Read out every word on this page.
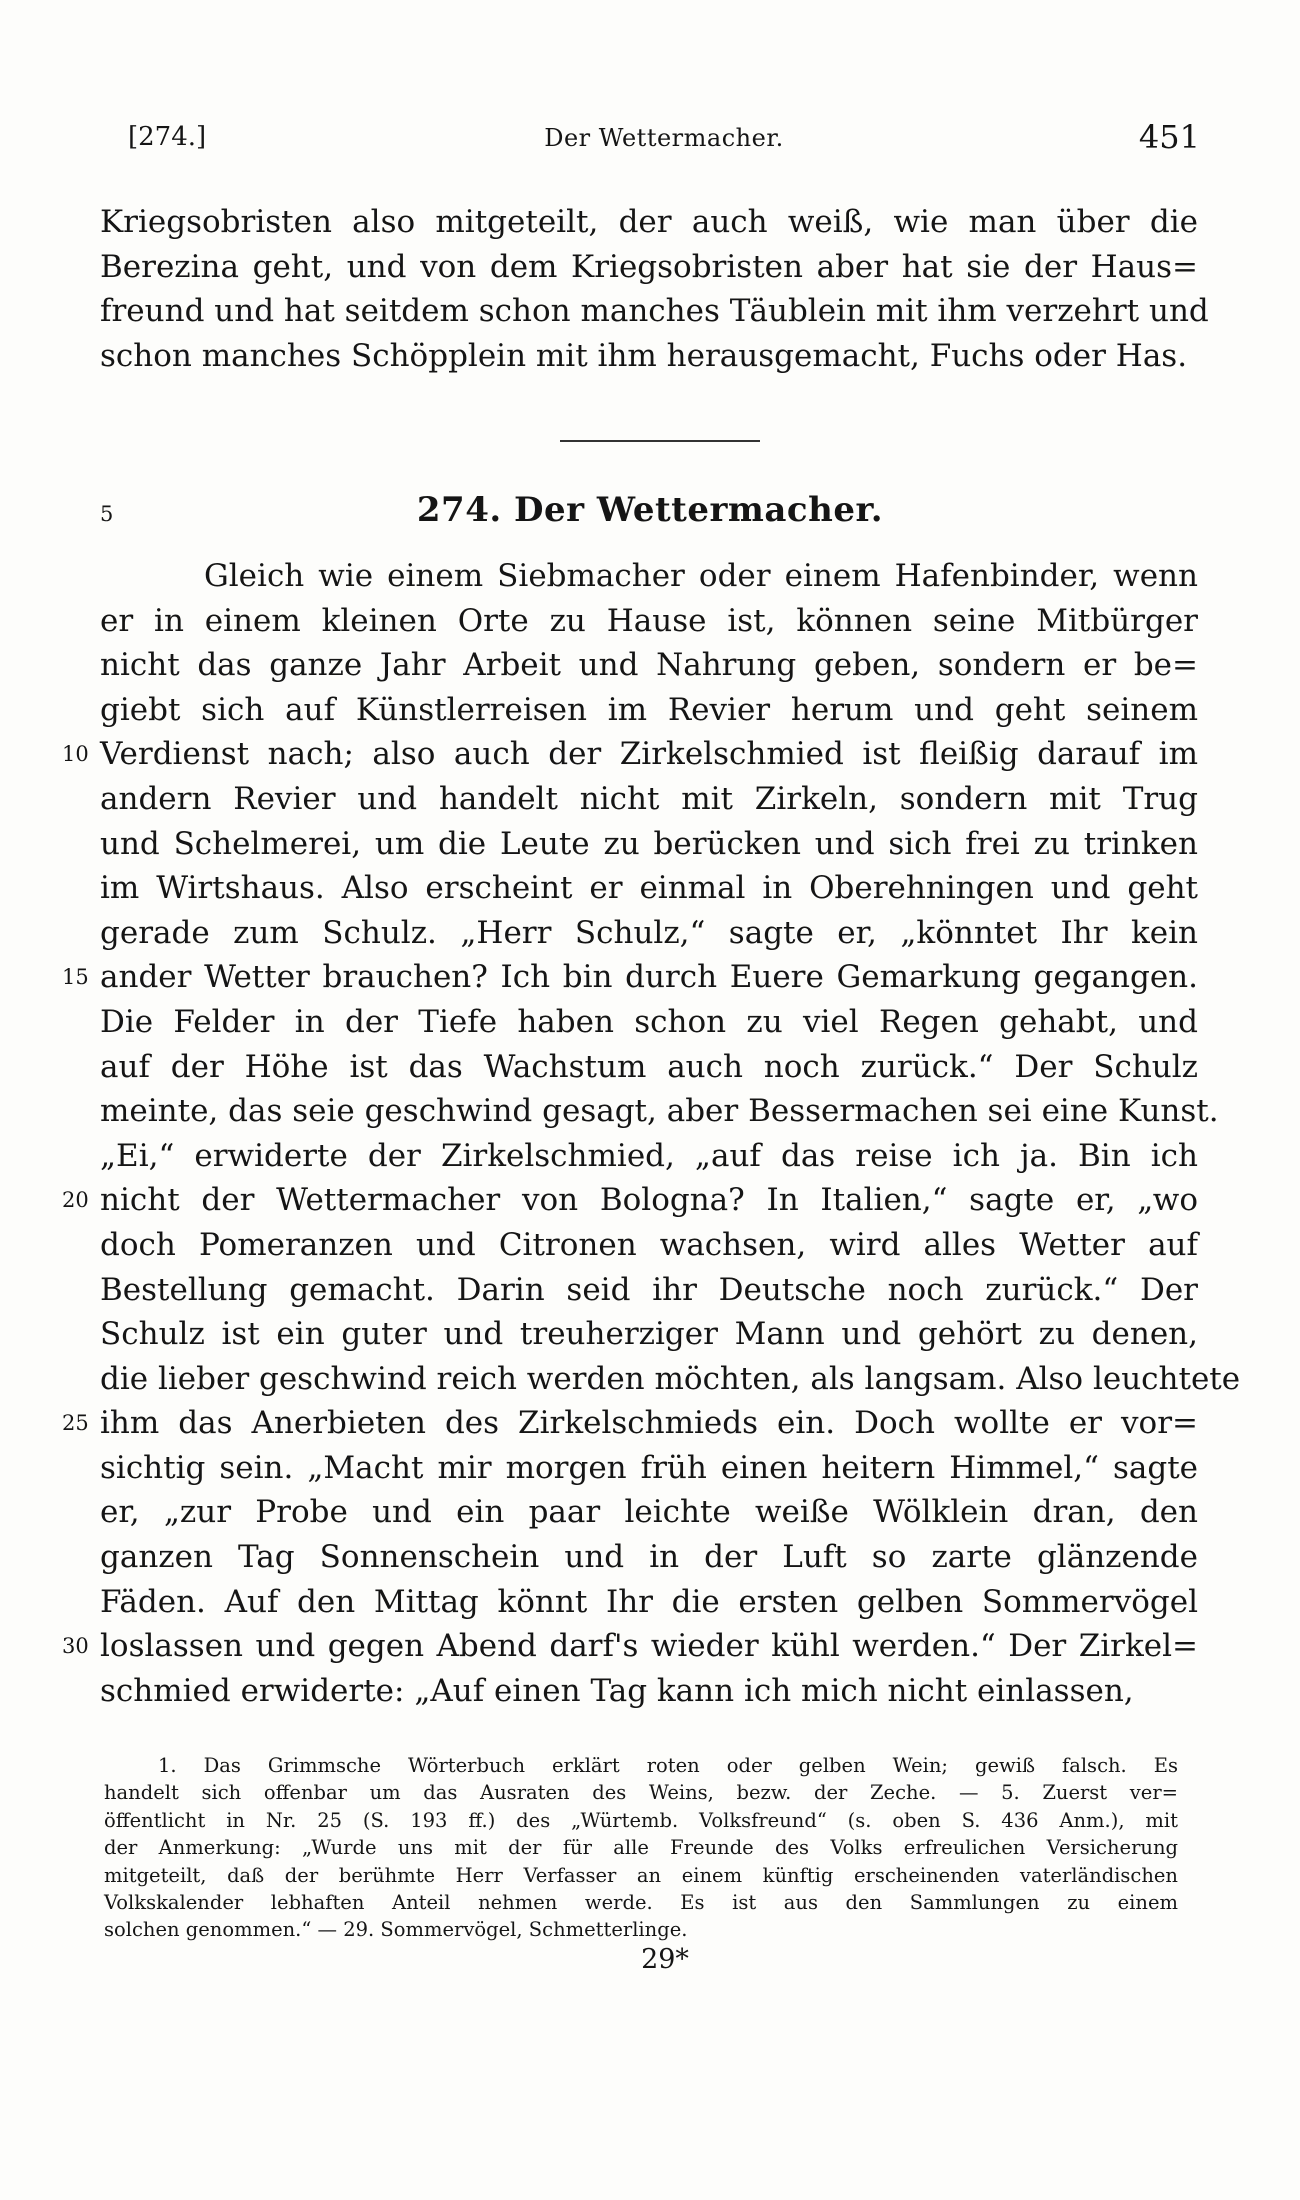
[274.]	Der Wettermacher.	451
Kriegsobristen also mitgeteilt, der auch weiß, wie man über die
Berezina geht, und von dem Kriegsobristen aber hat sie der Haus=
freund und hat seitdem schon manches Täublein mit ihm verzehrt und
schon manches Schöpplein mit ihm herausgemacht, Fuchs oder Has.
5	274. Der Wettermacher.
Gleich wie einem Siebmacher oder einem Hafenbinder, wenn
er in einem kleinen Orte zu Hause ist, können seine Mitbürger
nicht das ganze Jahr Arbeit und Nahrung geben, sondern er be=
giebt sich auf Künstlerreisen im Revier herum und geht seinem
10 Verdienst nach; also auch der Zirkelschmied ist fleißig darauf im
andern Revier und handelt nicht mit Zirkeln, sondern mit Trug
und Schelmerei, um die Leute zu berücken und sich frei zu trinken
im Wirtshaus. Also erscheint er einmal in Oberehningen und geht
gerade zum Schulz. „Herr Schulz,“ sagte er, „könntet Ihr kein
15 ander Wetter brauchen? Ich bin durch Euere Gemarkung gegangen.
Die Felder in der Tiefe haben schon zu viel Regen gehabt, und
auf der Höhe ist das Wachstum auch noch zurück.“ Der Schulz
meinte, das seie geschwind gesagt, aber Bessermachen sei eine Kunst.
„Ei,“ erwiderte der Zirkelschmied, „auf das reise ich ja. Bin ich
20 nicht der Wettermacher von Bologna? In Italien,“ sagte er, „wo
doch Pomeranzen und Citronen wachsen, wird alles Wetter auf
Bestellung gemacht. Darin seid ihr Deutsche noch zurück.“ Der
Schulz ist ein guter und treuherziger Mann und gehört zu denen,
die lieber geschwind reich werden möchten, als langsam. Also leuchtete
25 ihm das Anerbieten des Zirkelschmieds ein. Doch wollte er vor=
sichtig sein. „Macht mir morgen früh einen heitern Himmel,“ sagte
er, „zur Probe und ein paar leichte weiße Wölklein dran, den
ganzen Tag Sonnenschein und in der Luft so zarte glänzende
Fäden. Auf den Mittag könnt Ihr die ersten gelben Sommervögel
30 loslassen und gegen Abend darf's wieder kühl werden.“ Der Zirkel=
schmied erwiderte: „Auf einen Tag kann ich mich nicht einlassen,
1. Das Grimmsche Wörterbuch erklärt roten oder gelben Wein; gewiß falsch. Es
handelt sich offenbar um das Ausraten des Weins, bezw. der Zeche. — 5. Zuerst ver=
öffentlicht in Nr. 25 (S. 193 ff.) des „Würtemb. Volksfreund“ (s. oben S. 436 Anm.), mit
der Anmerkung: „Wurde uns mit der für alle Freunde des Volks erfreulichen Versicherung
mitgeteilt, daß der berühmte Herr Verfasser an einem künftig erscheinenden vaterländischen
Volkskalender lebhaften Anteil nehmen werde. Es ist aus den Sammlungen zu einem
solchen genommen.“ — 29. Sommervögel, Schmetterlinge.
29*
